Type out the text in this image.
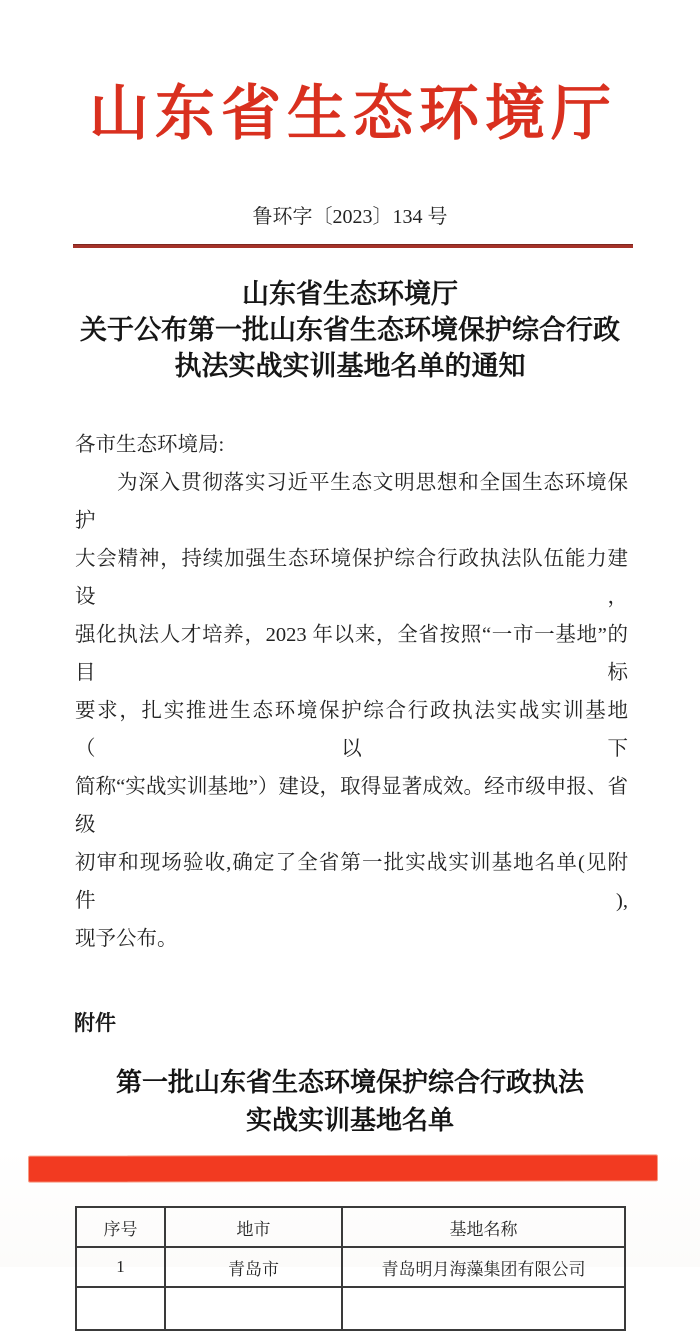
山东省生态环境厅
鲁环字〔2023〕134 号
山东省生态环境厅
关于公布第一批山东省生态环境保护综合行政
执法实战实训基地名单的通知
各市生态环境局:
为深入贯彻落实习近平生态文明思想和全国生态环境保护
大会精神，持续加强生态环境保护综合行政执法队伍能力建设，
强化执法人才培养，2023 年以来，全省按照“一市一基地”的目标
要求，扎实推进生态环境保护综合行政执法实战实训基地（以下
简称“实战实训基地”）建设，取得显著成效。经市级申报、省级
初审和现场验收,确定了全省第一批实战实训基地名单(见附件),
现予公布。
附件
第一批山东省生态环境保护综合行政执法
实战实训基地名单
序号	地市	基地名称
1	青岛市	青岛明月海藻集团有限公司
